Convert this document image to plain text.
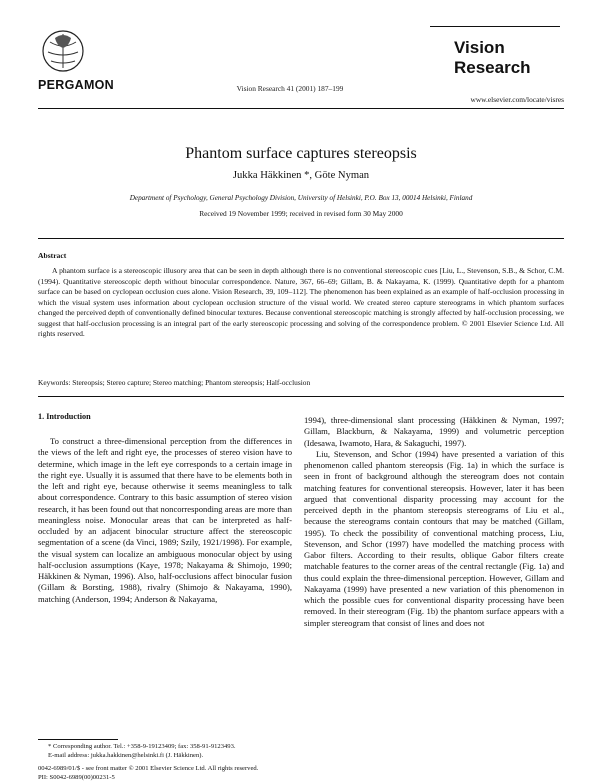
PERGAMON	Vision Research 41 (2001) 187–199
Vision
Research
www.elsevier.com/locate/visres
Phantom surface captures stereopsis
Jukka Häkkinen *, Göte Nyman
Department of Psychology, General Psychology Division, University of Helsinki, P.O. Box 13, 00014 Helsinki, Finland
Received 19 November 1999; received in revised form 30 May 2000
Abstract

A phantom surface is a stereoscopic illusory area that can be seen in depth although there is no conventional stereoscopic cues [Liu, L., Stevenson, S.B., & Schor, C.M. (1994). Quantitative stereoscopic depth without binocular correspondence. Nature, 367, 66–69; Gillam, B. & Nakayama, K. (1999). Quantitative depth for a phantom surface can be based on cyclopean occlusion cues alone. Vision Research, 39, 109–112]. The phenomenon has been explained as an example of half-occlusion processing in which the visual system uses information about cyclopean occlusion structure of the visual world. We created stereo capture stereograms in which phantom surfaces changed the perceived depth of conventionally defined binocular textures. Because conventional stereoscopic matching is strongly affected by half-occlusion processing, we suggest that half-occlusion processing is an integral part of the early stereoscopic processing and solving of the correspondence problem. © 2001 Elsevier Science Ltd. All rights reserved.

Keywords: Stereopsis; Stereo capture; Stereo matching; Phantom stereopsis; Half-occlusion
1. Introduction

To construct a three-dimensional perception from the differences in the views of the left and right eye, the processes of stereo vision have to determine, which image in the left eye corresponds to a certain image in the right eye. Usually it is assumed that there have to be elements both in the left and right eye, because otherwise it seems meaningless to talk about correspondence. Contrary to this basic assumption of stereo vision research, it has been found out that noncorresponding areas are more than meaningless noise. Monocular areas that can be interpreted as half-occluded by an adjacent binocular structure affect the stereoscopic segmentation of a scene (da Vinci, 1989; Szily, 1921/1998). For example, the visual system can localize an ambiguous monocular object by using half-occlusion assumptions (Kaye, 1978; Nakayama & Shimojo, 1990; Häkkinen & Nyman, 1996). Also, half-occlusions affect binocular fusion (Gillam & Borsting, 1988), rivalry (Shimojo & Nakayama, 1990), matching (Anderson, 1994; Anderson & Nakayama,

1994), three-dimensional slant processing (Häkkinen & Nyman, 1997; Gillam, Blackburn, & Nakayama, 1999) and volumetric perception (Idesawa, Iwamoto, Hara, & Sakaguchi, 1997).

Liu, Stevenson, and Schor (1994) have presented a variation of this phenomenon called phantom stereopsis (Fig. 1a) in which the surface is seen in front of background although the stereogram does not contain matching features for conventional stereopsis. However, later it has been argued that conventional disparity processing may account for the perceived depth in the phantom stereopsis stereograms of Liu et al., because the stereograms contain contours that may be matched (Gillam, 1995). To check the possibility of conventional matching process, Liu, Stevenson, and Schor (1997) have modelled the matching process with Gabor filters. According to their results, oblique Gabor filters create matchable features to the corner areas of the central rectangle (Fig. 1a) and thus could explain the three-dimensional perception. However, Gillam and Nakayama (1999) have presented a new variation of this phenomenon in which the possible cues for conventional disparity processing have been removed. In their stereogram (Fig. 1b) the phantom surface appears with a simpler stereogram that consist of lines and does not

* Corresponding author. Tel.: +358-9-19123409; fax: 358-91-9123493.
E-mail address: jukka.hakkinen@helsinki.fi (J. Häkkinen).
0042-6989/01/$ - see front matter © 2001 Elsevier Science Ltd. All rights reserved.
PII: S0042-6989(00)00231-5
